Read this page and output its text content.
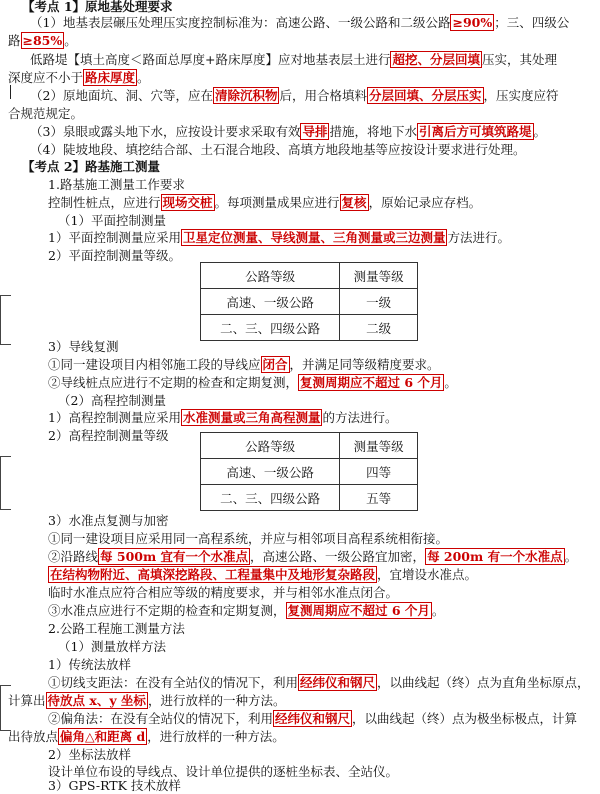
【考点 1】原地基处理要求
（1）地基表层碾压处理压实度控制标准为：高速公路、一级公路和二级公路 ≥90% ；三、四级公
路 ≥85% 。
低路堤【填土高度＜路面总厚度+路床厚度】应对地基表层土进行 超挖、分层回填 压实，其处理
深度应不小于 路床厚度 。
（2）原地面坑、洞、穴等，应在 清除沉积物 后，用合格填料 分层回填、分层压实 ，压实度应符
合规范规定。
（3）泉眼或露头地下水，应按设计要求采取有效 导排 措施，将地下水 引离后方可填筑路堤 。
（4）陡坡地段、填挖结合部、土石混合地段、高填方地段地基等应按设计要求进行处理。
【考点 2】路基施工测量
1.路基施工测量工作要求
控制性桩点，应进行 现场交桩 。每项测量成果应进行 复核 ，原始记录应存档。
（1）平面控制测量
1）平面控制测量应采用 卫星定位测量、导线测量、三角测量或三边测量 方法进行。
2）平面控制测量等级。
公路等级	测量等级
高速、一级公路	一级
二、三、四级公路	二级
3）导线复测
①同一建设项目内相邻施工段的导线应 闭合 ，并满足同等级精度要求。
②导线桩点应进行不定期的检查和定期复测， 复测周期应不超过 6 个月 。
（2）高程控制测量
1）高程控制测量应采用 水准测量或三角高程测量 的方法进行。
2）高程控制测量等级
公路等级	测量等级
高速、一级公路	四等
二、三、四级公路	五等
3）水准点复测与加密
①同一建设项目应采用同一高程系统，并应与相邻项目高程系统相衔接。
②沿路线 每 500m 宜有一个水准点 ，高速公路、一级公路宜加密， 每 200m 有一个水准点 。
在结构物附近、高填深挖路段、工程量集中及地形复杂路段 ，宜增设水准点。
临时水准点应符合相应等级的精度要求，并与相邻水准点闭合。
③水准点应进行不定期的检查和定期复测， 复测周期应不超过 6 个月 。
2.公路工程施工测量方法
（1）测量放样方法
1）传统法放样
①切线支距法：在没有全站仪的情况下，利用 经纬仪和钢尺 ，以曲线起（终）点为直角坐标原点，
计算出 待放点 x、y 坐标 ，进行放样的一种方法。
②偏角法：在没有全站仪的情况下，利用 经纬仪和钢尺 ，以曲线起（终）点为极坐标极点，计算
出待放点 偏角△和距离 d ，进行放样的一种方法。
2）坐标法放样
设计单位布设的导线点、设计单位提供的逐桩坐标表、全站仪。
3）GPS-RTK 技术放样
